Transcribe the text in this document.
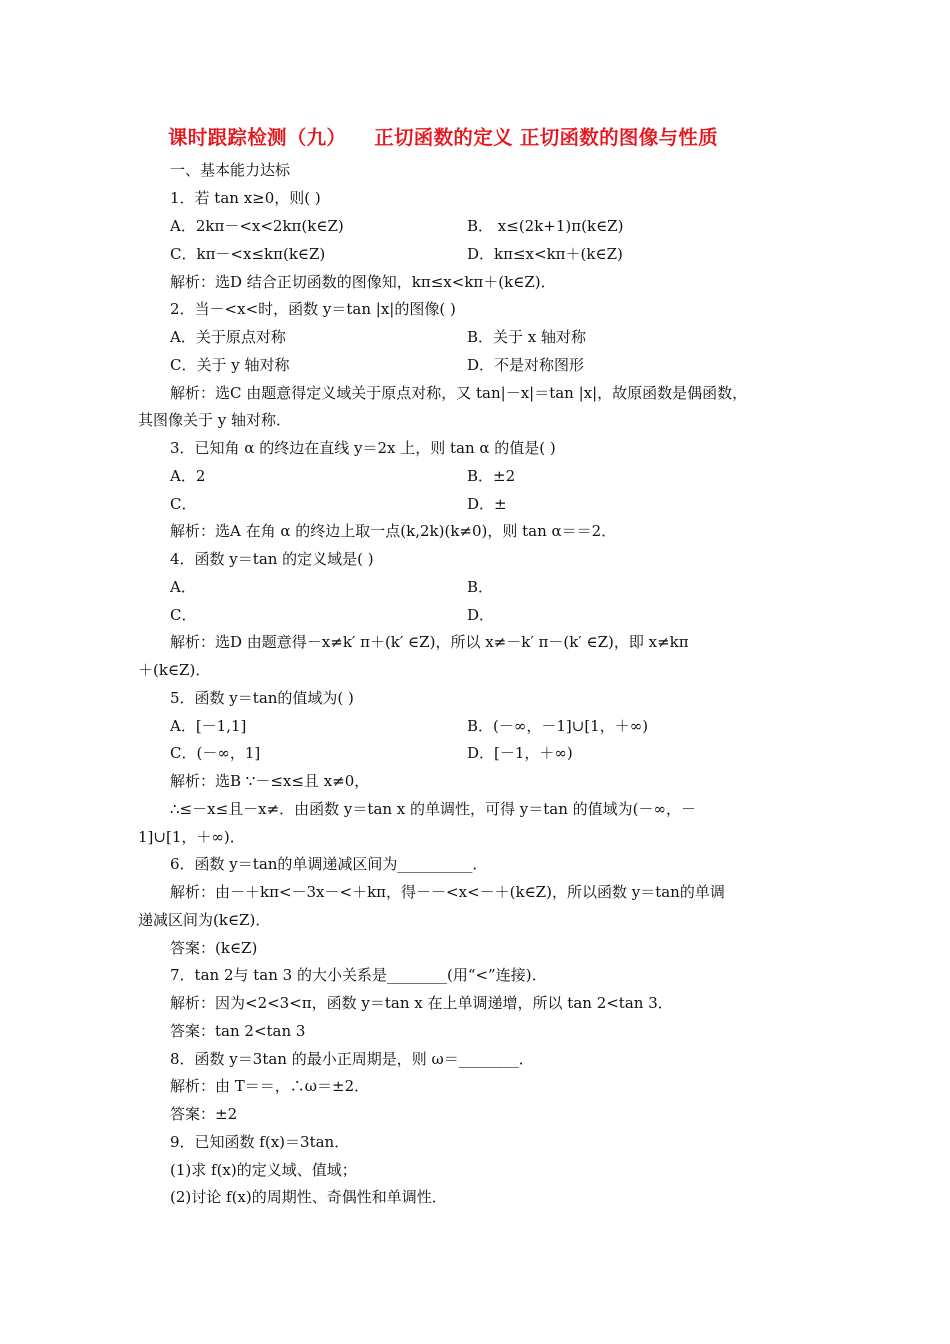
课时跟踪检测（九） 正切函数的定义 正切函数的图像与性质
一、基本能力达标
1．若 tan x≥0，则( )
A．2kπ－<x<2kπ(k∈Z)	B． x≤(2k+1)π(k∈Z)
C．kπ－<x≤kπ(k∈Z)	D．kπ≤x<kπ＋(k∈Z)
解析：选D 结合正切函数的图像知，kπ≤x<kπ＋(k∈Z)．
2．当－<x<时，函数 y＝tan |x|的图像( )
A．关于原点对称	B．关于 x 轴对称
C．关于 y 轴对称	D．不是对称图形
解析：选C 由题意得定义域关于原点对称，又 tan|－x|＝tan |x|，故原函数是偶函数，
其图像关于 y 轴对称．
3．已知角 α 的终边在直线 y＝2x 上，则 tan α 的值是( )
A．2	B．±2
C．	D．±
解析：选A 在角 α 的终边上取一点(k,2k)(k≠0)，则 tan α＝＝2．
4．函数 y＝tan 的定义域是( )
A．	B．
C．	D．
解析：选D 由题意得－x≠k′ π＋(k′ ∈Z)，所以 x≠－k′ π－(k′ ∈Z)，即 x≠kπ
＋(k∈Z)．
5．函数 y＝tan的值域为( )
A．[－1,1]	B．(－∞，－1]∪[1，＋∞)
C．(－∞，1]	D．[－1，＋∞)
解析：选B ∵－≤x≤且 x≠0，
∴≤－x≤且－x≠．由函数 y＝tan x 的单调性，可得 y＝tan 的值域为(－∞，－
1]∪[1，＋∞)．
6．函数 y＝tan的单调递减区间为__________．
解析：由－＋kπ<－3x－<＋kπ，得－－<x<－＋(k∈Z)，所以函数 y＝tan的单调
递减区间为(k∈Z)．
答案：(k∈Z)
7．tan 2与 tan 3 的大小关系是________(用“<”连接)．
解析：因为<2<3<π，函数 y＝tan x 在上单调递增，所以 tan 2<tan 3．
答案：tan 2<tan 3
8．函数 y＝3tan 的最小正周期是，则 ω＝________．
解析：由 T＝＝，∴ω＝±2．
答案：±2
9．已知函数 f(x)＝3tan．
(1)求 f(x)的定义域、值域；
(2)讨论 f(x)的周期性、奇偶性和单调性．
